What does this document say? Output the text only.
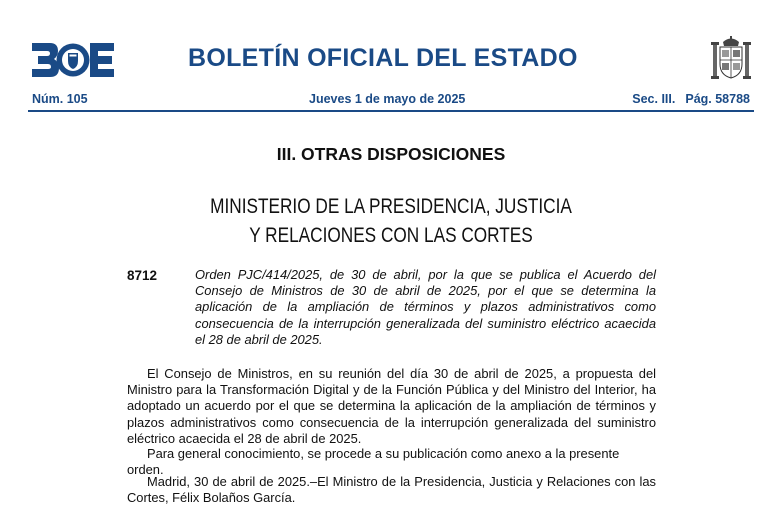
BOLETÍN OFICIAL DEL ESTADO
Núm. 105	Jueves 1 de mayo de 2025	Sec. III. Pág. 58788
III. OTRAS DISPOSICIONES
MINISTERIO DE LA PRESIDENCIA, JUSTICIA
Y RELACIONES CON LAS CORTES
8712	Orden PJC/414/2025, de 30 de abril, por la que se publica el Acuerdo del Consejo de Ministros de 30 de abril de 2025, por el que se determina la aplicación de la ampliación de términos y plazos administrativos como consecuencia de la interrupción generalizada del suministro eléctrico acaecida el 28 de abril de 2025.
El Consejo de Ministros, en su reunión del día 30 de abril de 2025, a propuesta del Ministro para la Transformación Digital y de la Función Pública y del Ministro del Interior, ha adoptado un acuerdo por el que se determina la aplicación de la ampliación de términos y plazos administrativos como consecuencia de la interrupción generalizada del suministro eléctrico acaecida el 28 de abril de 2025.
Para general conocimiento, se procede a su publicación como anexo a la presente orden.
Madrid, 30 de abril de 2025.–El Ministro de la Presidencia, Justicia y Relaciones con las Cortes, Félix Bolaños García.
